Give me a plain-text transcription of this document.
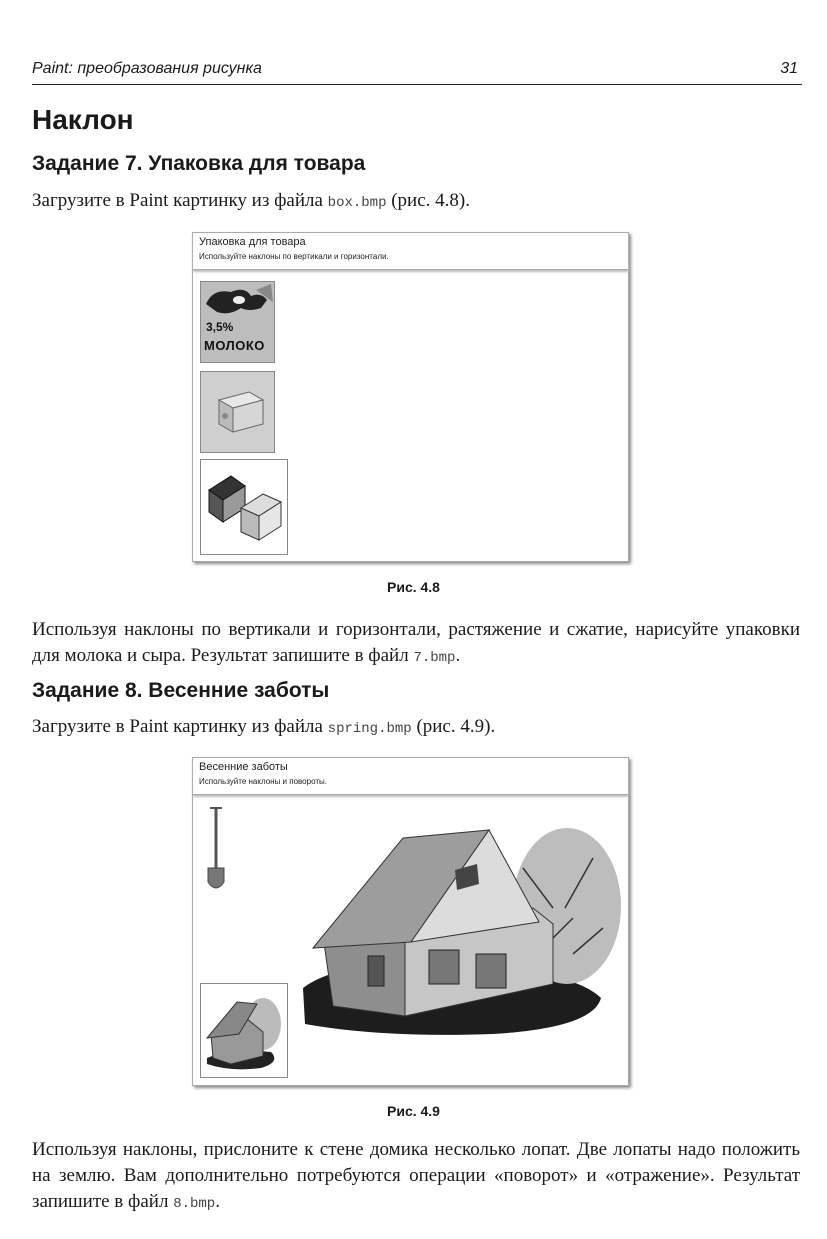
Paint: преобразования рисунка	31
Наклон
Задание 7. Упаковка для товара

Загрузите в Paint картинку из файла box.bmp (рис. 4.8).

Упаковка для товара
Используйте наклоны по вертикали и горизонтали.
3,5%
МОЛОКО
Рис. 4.8

Используя наклоны по вертикали и горизонтали, растяжение и сжатие, нарисуйте упаковки для молока и сыра. Результат запишите в файл 7.bmp.

Задание 8. Весенние заботы

Загрузите в Paint картинку из файла spring.bmp (рис. 4.9).

Весенние заботы
Используйте наклоны и повороты.
Рис. 4.9

Используя наклоны, прислоните к стене домика несколько лопат. Две лопаты надо положить на землю. Вам дополнительно потребуются операции «поворот» и «отражение». Результат запишите в файл 8.bmp.
